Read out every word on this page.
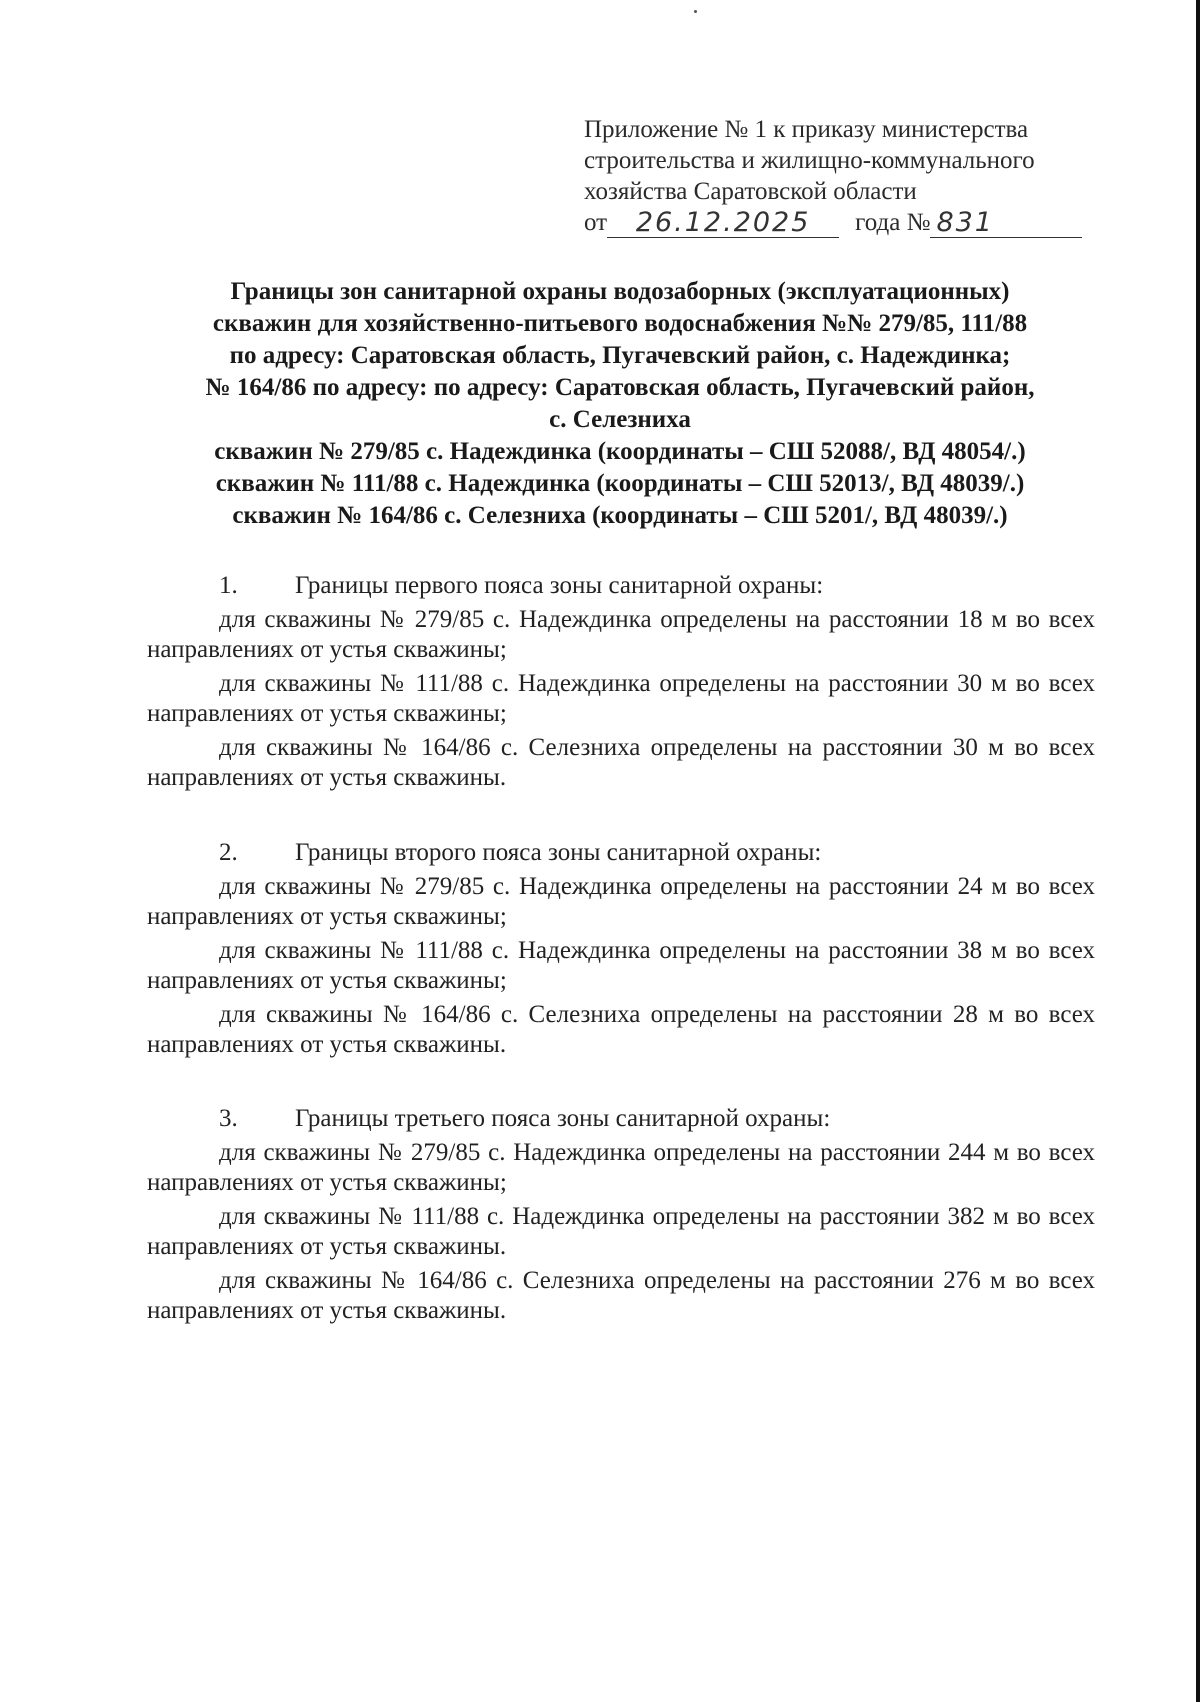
Приложение № 1 к приказу министерства
строительства и жилищно-коммунального
хозяйства Саратовской области
от	26.12.2025	года № 831
Границы зон санитарной охраны водозаборных (эксплуатационных)
скважин для хозяйственно-питьевого водоснабжения №№ 279/85, 111/88
по адресу: Саратовская область, Пугачевский район, с. Надеждинка;
№ 164/86 по адресу: по адресу: Саратовская область, Пугачевский район,
с. Селезниха
скважин № 279/85 с. Надеждинка (координаты – СШ 52088/, ВД 48054/.)
скважин № 111/88 с. Надеждинка (координаты – СШ 52013/, ВД 48039/.)
скважин № 164/86 с. Селезниха (координаты – СШ 5201/, ВД 48039/.)
1. Границы первого пояса зоны санитарной охраны:

для скважины № 279/85 с. Надеждинка определены на расстоянии 18 м во всех направлениях от устья скважины;

для скважины № 111/88 с. Надеждинка определены на расстоянии 30 м во всех направлениях от устья скважины;

для скважины № 164/86 с. Селезниха определены на расстоянии 30 м во всех направлениях от устья скважины.

2. Границы второго пояса зоны санитарной охраны:

для скважины № 279/85 с. Надеждинка определены на расстоянии 24 м во всех направлениях от устья скважины;

для скважины № 111/88 с. Надеждинка определены на расстоянии 38 м во всех направлениях от устья скважины;

для скважины № 164/86 с. Селезниха определены на расстоянии 28 м во всех направлениях от устья скважины.

3. Границы третьего пояса зоны санитарной охраны:

для скважины № 279/85 с. Надеждинка определены на расстоянии 244 м во всех направлениях от устья скважины;

для скважины № 111/88 с. Надеждинка определены на расстоянии 382 м во всех направлениях от устья скважины.

для скважины № 164/86 с. Селезниха определены на расстоянии 276 м во всех направлениях от устья скважины.
